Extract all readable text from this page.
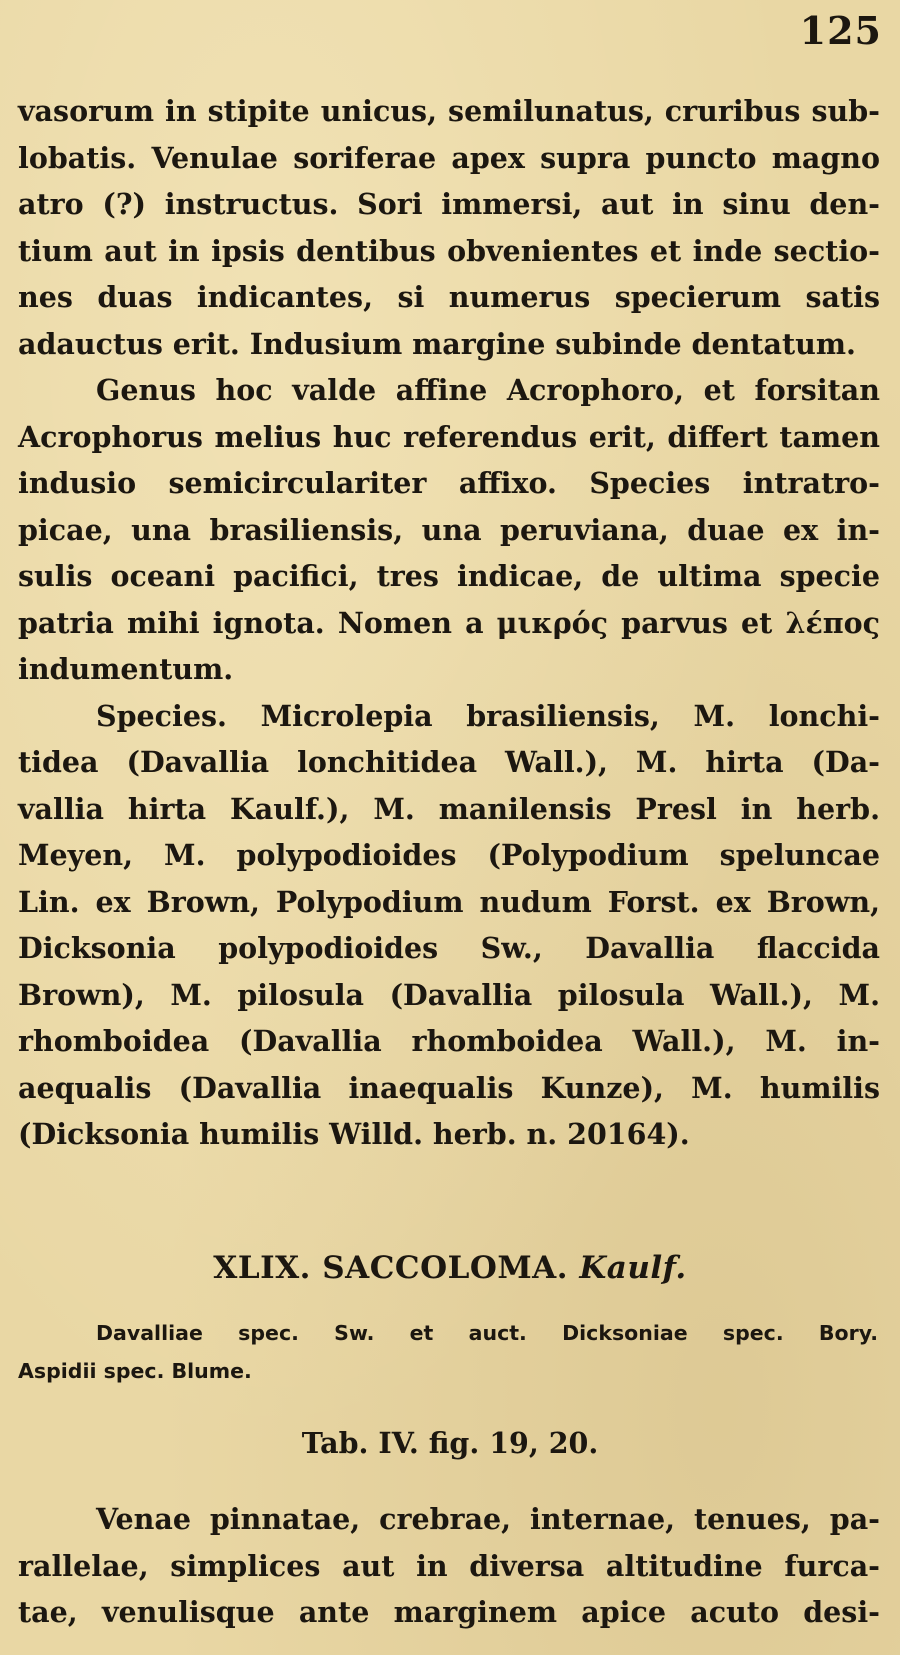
125
vasorum in stipite unicus, semilunatus, cruribus sub-
lobatis. Venulae soriferae apex supra puncto magno
atro (?) instructus. Sori immersi, aut in sinu den-
tium aut in ipsis dentibus obvenientes et inde sectio-
nes duas indicantes, si numerus specierum satis
adauctus erit. Indusium margine subinde dentatum.
Genus hoc valde affine Acrophoro, et forsitan
Acrophorus melius huc referendus erit, differt tamen
indusio semicirculariter affixo. Species intratro-
picae, una brasiliensis, una peruviana, duae ex in-
sulis oceani pacifici, tres indicae, de ultima specie
patria mihi ignota. Nomen a μικρός parvus et λέπος
indumentum.
Species. Microlepia brasiliensis, M. lonchi-
tidea (Davallia lonchitidea Wall.), M. hirta (Da-
vallia hirta Kaulf.), M. manilensis Presl in herb.
Meyen, M. polypodioides (Polypodium speluncae
Lin. ex Brown, Polypodium nudum Forst. ex Brown,
Dicksonia polypodioides Sw., Davallia flaccida
Brown), M. pilosula (Davallia pilosula Wall.), M.
rhomboidea (Davallia rhomboidea Wall.), M. in-
aequalis (Davallia inaequalis Kunze), M. humilis
(Dicksonia humilis Willd. herb. n. 20164).
XLIX. SACCOLOMA. Kaulf.
Davalliae spec. Sw. et auct. Dicksoniae spec. Bory.
Aspidii spec. Blume.
Tab. IV. fig. 19, 20.
Venae pinnatae, crebrae, internae, tenues, pa-
rallelae, simplices aut in diversa altitudine furca-
tae, venulisque ante marginem apice acuto desi-
